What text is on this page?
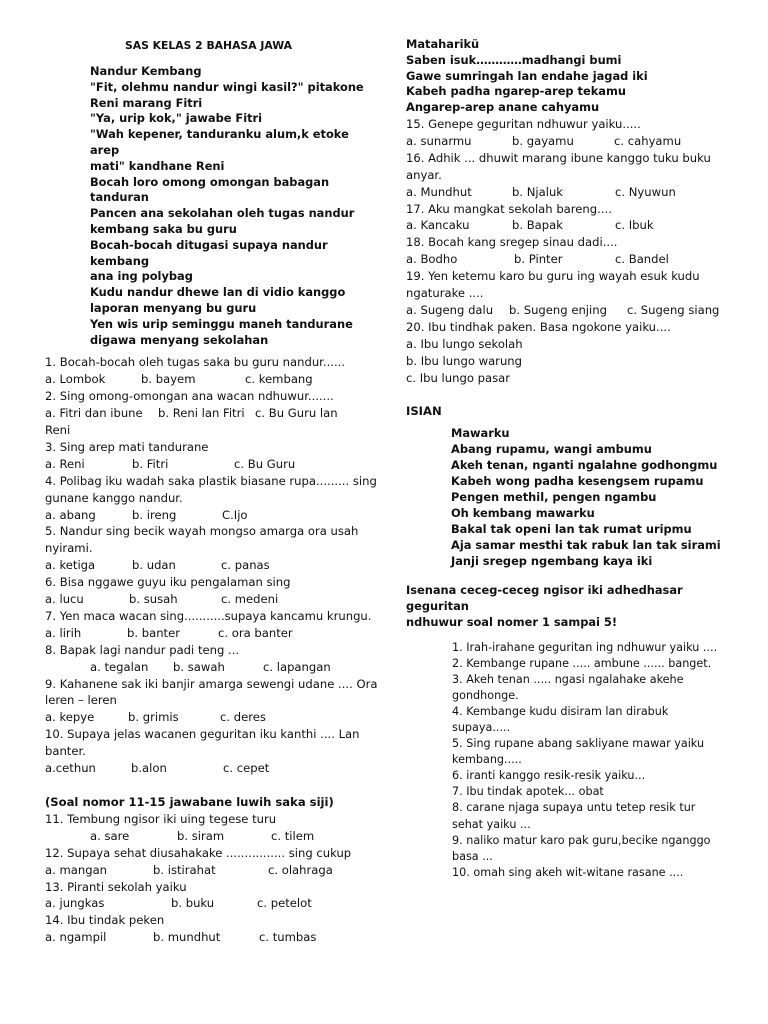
SAS KELAS 2 BAHASA JAWA
Nandur Kembang
"Fit, olehmu nandur wingi kasil?" pitakone
Reni marang Fitri
"Ya, urip kok," jawabe Fitri
"Wah kepener, tanduranku alum,k etoke arep
mati" kandhane Reni
Bocah loro omong omongan babagan
tanduran
Pancen ana sekolahan oleh tugas nandur
kembang saka bu guru
Bocah-bocah ditugasi supaya nandur kembang
ana ing polybag
Kudu nandur dhewe lan di vidio kanggo
laporan menyang bu guru
Yen wis urip seminggu maneh tandurane
digawa menyang sekolahan
1. Bocah-bocah oleh tugas saka bu guru nandur......
a. Lombok	b. bayem	c. kembang
2. Sing omong-omongan ana wacan ndhuwur.......
a. Fitri dan ibune	b. Reni lan Fitri c. Bu Guru lan
Reni
3. Sing arep mati tandurane
a. Reni	b. Fitri	c. Bu Guru
4. Polibag iku wadah saka plastik biasane rupa......... sing
gunane kanggo nandur.
a. abang	b. ireng	C.Ijo
5. Nandur sing becik wayah mongso amarga ora usah
nyirami.
a. ketiga	b. udan	c. panas
6. Bisa nggawe guyu iku pengalaman sing
a. lucu	b. susah	c. medeni
7. Yen maca wacan sing...........supaya kancamu krungu.
a. lirih	b. banter	c. ora banter
8. Bapak lagi nandur padi teng ...
a. tegalan	b. sawah	c. lapangan
9. Kahanene sak iki banjir amarga sewengi udane .... Ora
leren – leren
a. kepye	b. grimis	c. deres
10. Supaya jelas wacanen geguritan iku kanthi .... Lan
banter.
a.cethun	b.alon	c. cepet
(Soal nomor 11-15 jawabane luwih saka siji)
11. Tembung ngisor iki uing tegese turu
a. sare	b. siram	c. tilem
12. Supaya sehat diusahakake ................ sing cukup
a. mangan	b. istirahat	c. olahraga
13. Piranti sekolah yaiku
a. jungkas	b. buku	c. petelot
14. Ibu tindak peken
a. ngampil	b. mundhut	c. tumbas
Mataharikü
Saben isuk…………madhangi bumi
Gawe sumringah lan endahe jagad iki
Kabeh padha ngarep-arep tekamu
Angarep-arep anane cahyamu
15. Genepe geguritan ndhuwur yaiku.....
a. sunarmu	b. gayamu	c. cahyamu
16. Adhik ... dhuwit marang ibune kanggo tuku buku
anyar.
a. Mundhut	b. Njaluk	c. Nyuwun
17. Aku mangkat sekolah bareng....
a. Kancaku	b. Bapak	c. Ibuk
18. Bocah kang sregep sinau dadi....
a. Bodho	b. Pinter	c. Bandel
19. Yen ketemu karo bu guru ing wayah esuk kudu
ngaturake ....
a. Sugeng dalu	b. Sugeng enjing	c. Sugeng siang
20. Ibu tindhak paken. Basa ngokone yaiku....
a. Ibu lungo sekolah
b. Ibu lungo warung
c. Ibu lungo pasar
ISIAN
Mawarku
Abang rupamu, wangi ambumu
Akeh tenan, nganti ngalahne godhongmu
Kabeh wong padha kesengsem rupamu
Pengen methil, pengen ngambu
Oh kembang mawarku
Bakal tak openi lan tak rumat uripmu
Aja samar mesthi tak rabuk lan tak sirami
Janji sregep ngembang kaya iki
Isenana ceceg-ceceg ngisor iki adhedhasar geguritan
ndhuwur soal nomer 1 sampai 5!
1. Irah-irahane geguritan ing ndhuwur yaiku ....
2. Kembange rupane ..... ambune ...... banget.
3. Akeh tenan ..... ngasi ngalahake akehe gondhonge.
4. Kembange kudu disiram lan dirabuk supaya.....
5. Sing rupane abang sakliyane mawar yaiku kembang.....
6. iranti kanggo resik-resik yaiku...
7. Ibu tindak apotek... obat
8. carane njaga supaya untu tetep resik tur sehat yaiku ...
9. naliko matur karo pak guru,becike nganggo basa ...
10. omah sing akeh wit-witane rasane ....
